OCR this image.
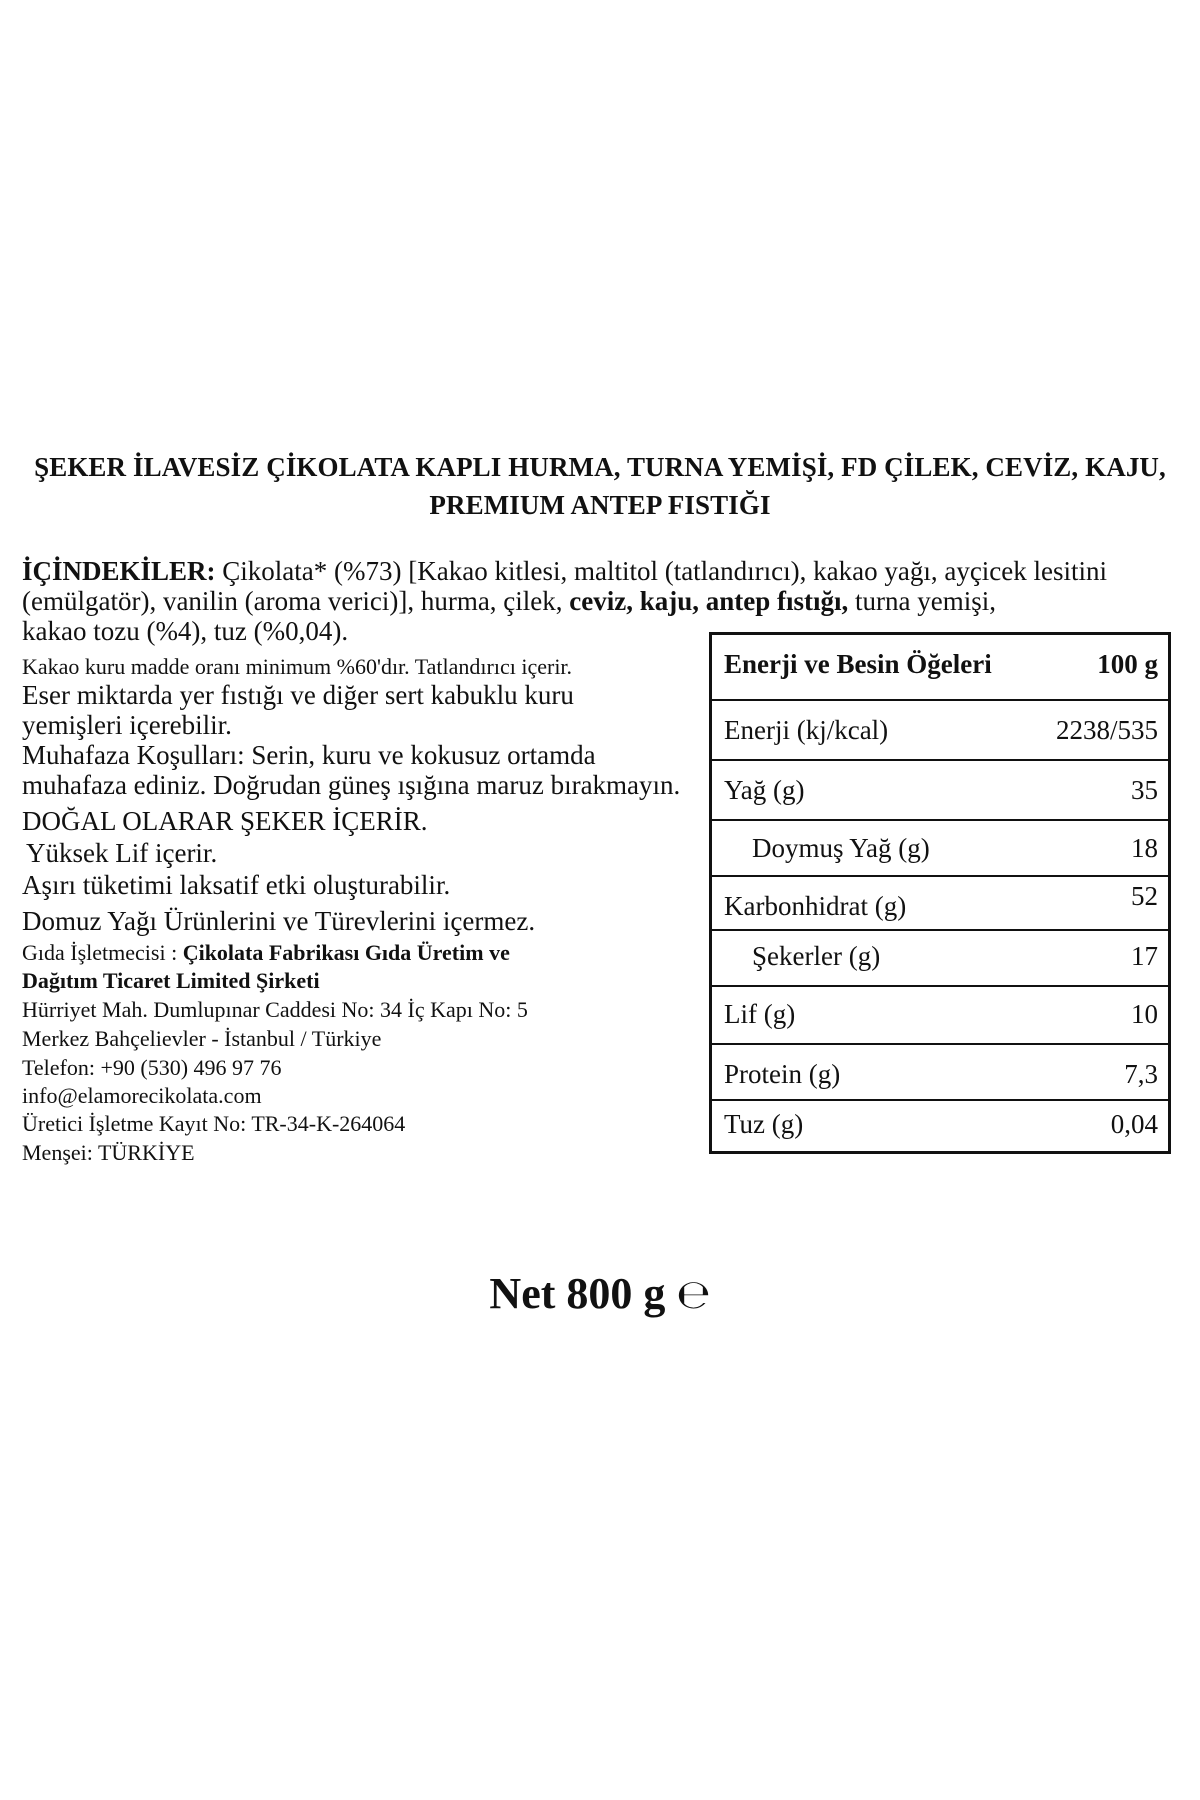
ŞEKER İLAVESİZ ÇİKOLATA KAPLI HURMA, TURNA YEMİŞİ, FD ÇİLEK, CEVİZ, KAJU,
PREMIUM ANTEP FISTIĞI
İÇİNDEKİLER: Çikolata* (%73) [Kakao kitlesi, maltitol (tatlandırıcı), kakao yağı, ayçicek lesitini (emülgatör), vanilin (aroma verici)], hurma, çilek, ceviz, kaju, antep fıstığı, turna yemişi,
kakao tozu (%4), tuz (%0,04).
Kakao kuru madde oranı minimum %60'dır. Tatlandırıcı içerir.
Eser miktarda yer fıstığı ve diğer sert kabuklu kuru
yemişleri içerebilir.
Muhafaza Koşulları: Serin, kuru ve kokusuz ortamda
muhafaza ediniz. Doğrudan güneş ışığına maruz bırakmayın.
DOĞAL OLARAR ŞEKER İÇERİR.
Yüksek Lif içerir.
Aşırı tüketimi laksatif etki oluşturabilir.
Domuz Yağı Ürünlerini ve Türevlerini içermez.
Gıda İşletmecisi : Çikolata Fabrikası Gıda Üretim ve
Dağıtım Ticaret Limited Şirketi
Hürriyet Mah. Dumlupınar Caddesi No: 34 İç Kapı No: 5
Merkez Bahçelievler - İstanbul / Türkiye
Telefon: +90 (530) 496 97 76
info@elamorecikolata.com
Üretici İşletme Kayıt No: TR-34-K-264064
Menşei: TÜRKİYE
Enerji ve Besin Öğeleri	100 g
Enerji (kj/kcal)	2238/535
Yağ (g)	35
Doymuş Yağ (g)	18
Karbonhidrat (g)	52
Şekerler (g)	17
Lif (g)	10
Protein (g)	7,3
Tuz (g)	0,04
Net 800 g ℮
